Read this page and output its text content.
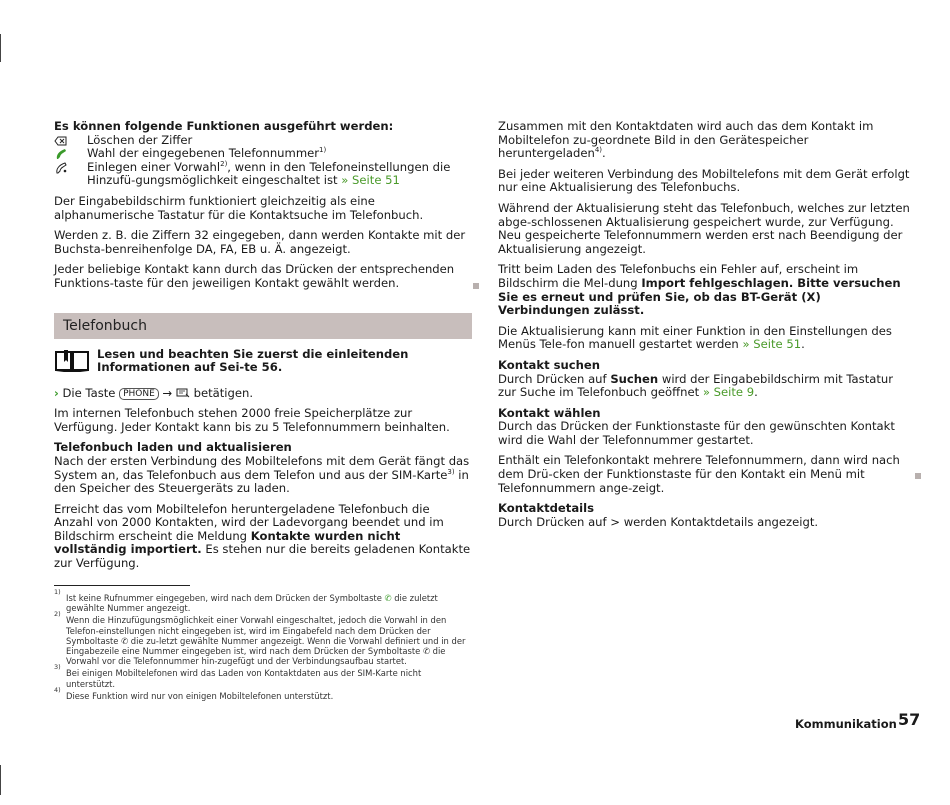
Es können folgende Funktionen ausgeführt werden:

Löschen der Ziffer
Wahl der eingegebenen Telefonnummer$^{1)}$
Einlegen einer Vorwahl$^{2)}$, wenn in den Telefoneinstellungen die Hinzufü-gungsmöglichkeit eingeschaltet ist » Seite 51

Der Eingabebildschirm funktioniert gleichzeitig als eine alphanumerische Tastatur für die Kontaktsuche im Telefonbuch.

Werden z. B. die Ziffern 32 eingegeben, dann werden Kontakte mit der Buchsta-benreihenfolge DA, FA, EB u. Ä. angezeigt.

Jeder beliebige Kontakt kann durch das Drücken der entsprechenden Funktions-taste für den jeweiligen Kontakt gewählt werden.

Telefonbuch

Lesen und beachten Sie zuerst die einleitenden Informationen auf Sei-te 56.

› Die Taste PHONE → betätigen.

Im internen Telefonbuch stehen 2000 freie Speicherplätze zur Verfügung. Jeder Kontakt kann bis zu 5 Telefonnummern beinhalten.

Telefonbuch laden und aktualisieren

Nach der ersten Verbindung des Mobiltelefons mit dem Gerät fängt das System an, das Telefonbuch aus dem Telefon und aus der SIM-Karte$^{3)}$ in den Speicher des Steuergeräts zu laden.

Erreicht das vom Mobiltelefon heruntergeladene Telefonbuch die Anzahl von 2000 Kontakten, wird der Ladevorgang beendet und im Bildschirm erscheint die Meldung Kontakte wurden nicht vollständig importiert. Es stehen nur die bereits geladenen Kontakte zur Verfügung.

1)
Ist keine Rufnummer eingegeben, wird nach dem Drücken der Symboltaste ✆ die zuletzt gewählte Nummer angezeigt.
2)
Wenn die Hinzufügungsmöglichkeit einer Vorwahl eingeschaltet, jedoch die Vorwahl in den Telefon-einstellungen nicht eingegeben ist, wird im Eingabefeld nach dem Drücken der Symboltaste ✆ die zu-letzt gewählte Nummer angezeigt. Wenn die Vorwahl definiert und in der Eingabezeile eine Nummer eingegeben ist, wird nach dem Drücken der Symboltaste ✆ die Vorwahl vor die Telefonnummer hin-zugefügt und der Verbindungsaufbau startet.
3)
Bei einigen Mobiltelefonen wird das Laden von Kontaktdaten aus der SIM-Karte nicht unterstützt.
4)
Diese Funktion wird nur von einigen Mobiltelefonen unterstützt.

Zusammen mit den Kontaktdaten wird auch das dem Kontakt im Mobiltelefon zu-geordnete Bild in den Gerätespeicher heruntergeladen$^{4)}$.

Bei jeder weiteren Verbindung des Mobiltelefons mit dem Gerät erfolgt nur eine Aktualisierung des Telefonbuchs.

Während der Aktualisierung steht das Telefonbuch, welches zur letzten abge-schlossenen Aktualisierung gespeichert wurde, zur Verfügung. Neu gespeicherte Telefonnummern werden erst nach Beendigung der Aktualisierung angezeigt.

Tritt beim Laden des Telefonbuchs ein Fehler auf, erscheint im Bildschirm die Mel-dung Import fehlgeschlagen. Bitte versuchen Sie es erneut und prüfen Sie, ob das BT-Gerät (X) Verbindungen zulässt.

Die Aktualisierung kann mit einer Funktion in den Einstellungen des Menüs Tele-fon manuell gestartet werden » Seite 51.

Kontakt suchen

Durch Drücken auf Suchen wird der Eingabebildschirm mit Tastatur zur Suche im Telefonbuch geöffnet » Seite 9.

Kontakt wählen

Durch das Drücken der Funktionstaste für den gewünschten Kontakt wird die Wahl der Telefonnummer gestartet.

Enthält ein Telefonkontakt mehrere Telefonnummern, dann wird nach dem Drü-cken der Funktionstaste für den Kontakt ein Menü mit Telefonnummern ange-zeigt.

Kontaktdetails

Durch Drücken auf > werden Kontaktdetails angezeigt.

Kommunikation 57
